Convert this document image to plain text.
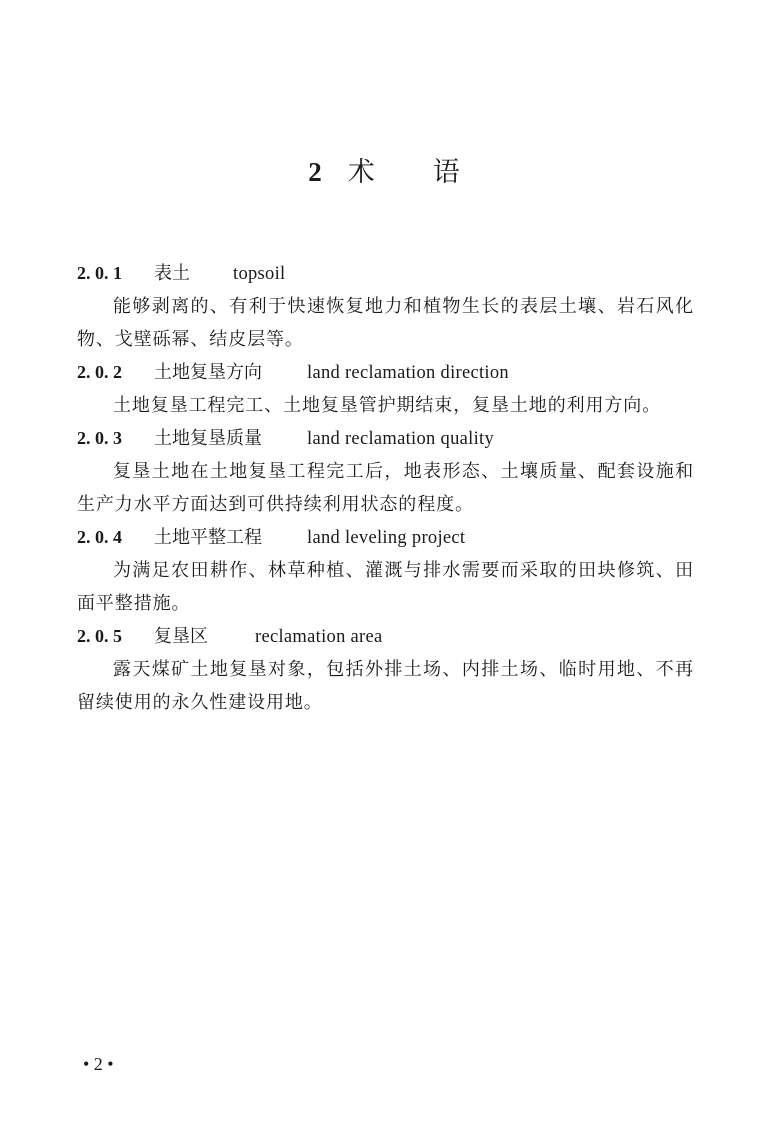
2 术 语
2. 0. 1 表土 topsoil

能够剥离的、有利于快速恢复地力和植物生长的表层土壤、岩石风化物、戈壁砾幂、结皮层等。

2. 0. 2 土地复垦方向 land reclamation direction

土地复垦工程完工、土地复垦管护期结束，复垦土地的利用方向。

2. 0. 3 土地复垦质量 land reclamation quality

复垦土地在土地复垦工程完工后，地表形态、土壤质量、配套设施和生产力水平方面达到可供持续利用状态的程度。

2. 0. 4 土地平整工程 land leveling project

为满足农田耕作、林草种植、灌溉与排水需要而采取的田块修筑、田面平整措施。

2. 0. 5 复垦区	reclamation area

露天煤矿土地复垦对象，包括外排土场、内排土场、临时用地、不再留续使用的永久性建设用地。

• 2 •
